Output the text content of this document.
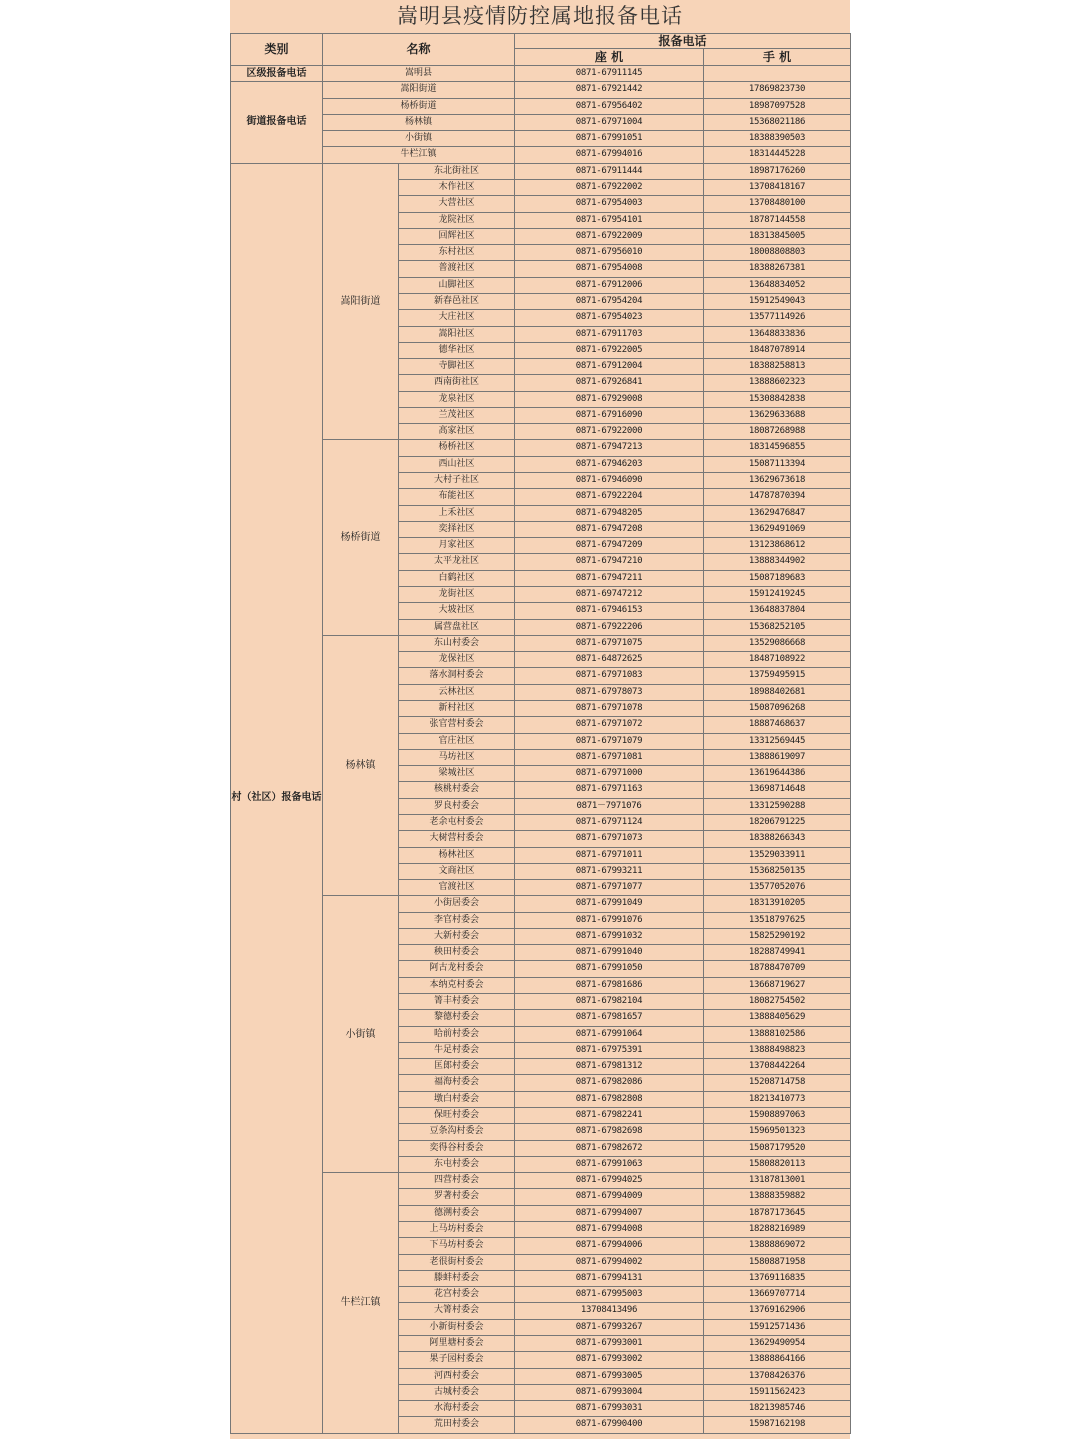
嵩明县疫情防控属地报备电话
类别	名称		报备电话	
			座 机	手 机
区级报备电话	嵩明县		0871-67911145	
街道报备电话	嵩阳街道		0871-67921442	17869823730
	杨桥街道		0871-67956402	18987097528
	杨林镇		0871-67971004	15368021186
	小街镇		0871-67991051	18388390503
	牛栏江镇		0871-67994016	18314445228
村（社区）报备电话	嵩阳街道	东北街社区	0871-67911444	18987176260
		木作社区	0871-67922002	13708418167
		大营社区	0871-67954003	13708480100
		龙院社区	0871-67954101	18787144558
		回辉社区	0871-67922009	18313845005
		东村社区	0871-67956010	18008808803
		普渡社区	0871-67954008	18388267381
		山脚社区	0871-67912006	13648834052
		新春邑社区	0871-67954204	15912549043
		大庄社区	0871-67954023	13577114926
		嵩阳社区	0871-67911703	13648833836
		德华社区	0871-67922005	18487078914
		寺脚社区	0871-67912004	18388258813
		西南街社区	0871-67926841	13888602323
		龙泉社区	0871-67929008	15308842838
		兰茂社区	0871-67916090	13629633688
		高家社区	0871-67922000	18087268988
	杨桥街道	杨桥社区	0871-67947213	18314596855
		西山社区	0871-67946203	15087113394
		大村子社区	0871-67946090	13629673618
		布能社区	0871-67922204	14787870394
		上禾社区	0871-67948205	13629476847
		奕择社区	0871-67947208	13629491069
		月家社区	0871-67947209	13123868612
		太平龙社区	0871-67947210	13888344902
		白鹤社区	0871-67947211	15087189683
		龙街社区	0871-69747212	15912419245
		大坡社区	0871-67946153	13648837804
		属营盘社区	0871-67922206	15368252105
	杨林镇	东山村委会	0871-67971075	13529086668
		龙保社区	0871-64872625	18487108922
		落水洞村委会	0871-67971083	13759495915
		云林社区	0871-67978073	18988402681
		新村社区	0871-67971078	15087096268
		张官营村委会	0871-67971072	18887468637
		官庄社区	0871-67971079	13312569445
		马坊社区	0871-67971081	13888619097
		梁城社区	0871-67971000	13619644386
		核桃村委会	0871-67971163	13698714648
		罗良村委会	0871－7971076	13312590288
		老余屯村委会	0871-67971124	18206791225
		大树营村委会	0871-67971073	18388266343
		杨林社区	0871-67971011	13529033911
		文商社区	0871-67993211	15368250135
		官渡社区	0871-67971077	13577052076
	小街镇	小街居委会	0871-67991049	18313910205
		李官村委会	0871-67991076	13518797625
		大新村委会	0871-67991032	15825290192
		秧田村委会	0871-67991040	18288749941
		阿古龙村委会	0871-67991050	18788470709
		本纳克村委会	0871-67981686	13668719627
		箐丰村委会	0871-67982104	18082754502
		黎德村委会	0871-67981657	13888405629
		哈前村委会	0871-67991064	13888102586
		牛足村委会	0871-67975391	13888498823
		匡郎村委会	0871-67981312	13708442264
		福海村委会	0871-67982086	15208714758
		墩白村委会	0871-67982808	18213410773
		保旺村委会	0871-67982241	15908897063
		豆条沟村委会	0871-67982698	15969501323
		奕得谷村委会	0871-67982672	15087179520
		东屯村委会	0871-67991063	15808820113
	牛栏江镇	四营村委会	0871-67994025	13187813001
		罗著村委会	0871-67994009	13888359882
		德溯村委会	0871-67994007	18787173645
		上马坊村委会	0871-67994008	18288216989
		下马坊村委会	0871-67994006	13888869072
		老很街村委会	0871-67994002	15808871958
		滕蚌村委会	0871-67994131	13769116835
		花宫村委会	0871-67995003	13669707714
		大箐村委会	13708413496	13769162906
		小新街村委会	0871-67993267	15912571436
		阿里塘村委会	0871-67993001	13629490954
		果子园村委会	0871-67993002	13888864166
		河西村委会	0871-67993005	13708426376
		古城村委会	0871-67993004	15911562423
		水海村委会	0871-67993031	18213985746
		荒田村委会	0871-67990400	15987162198
